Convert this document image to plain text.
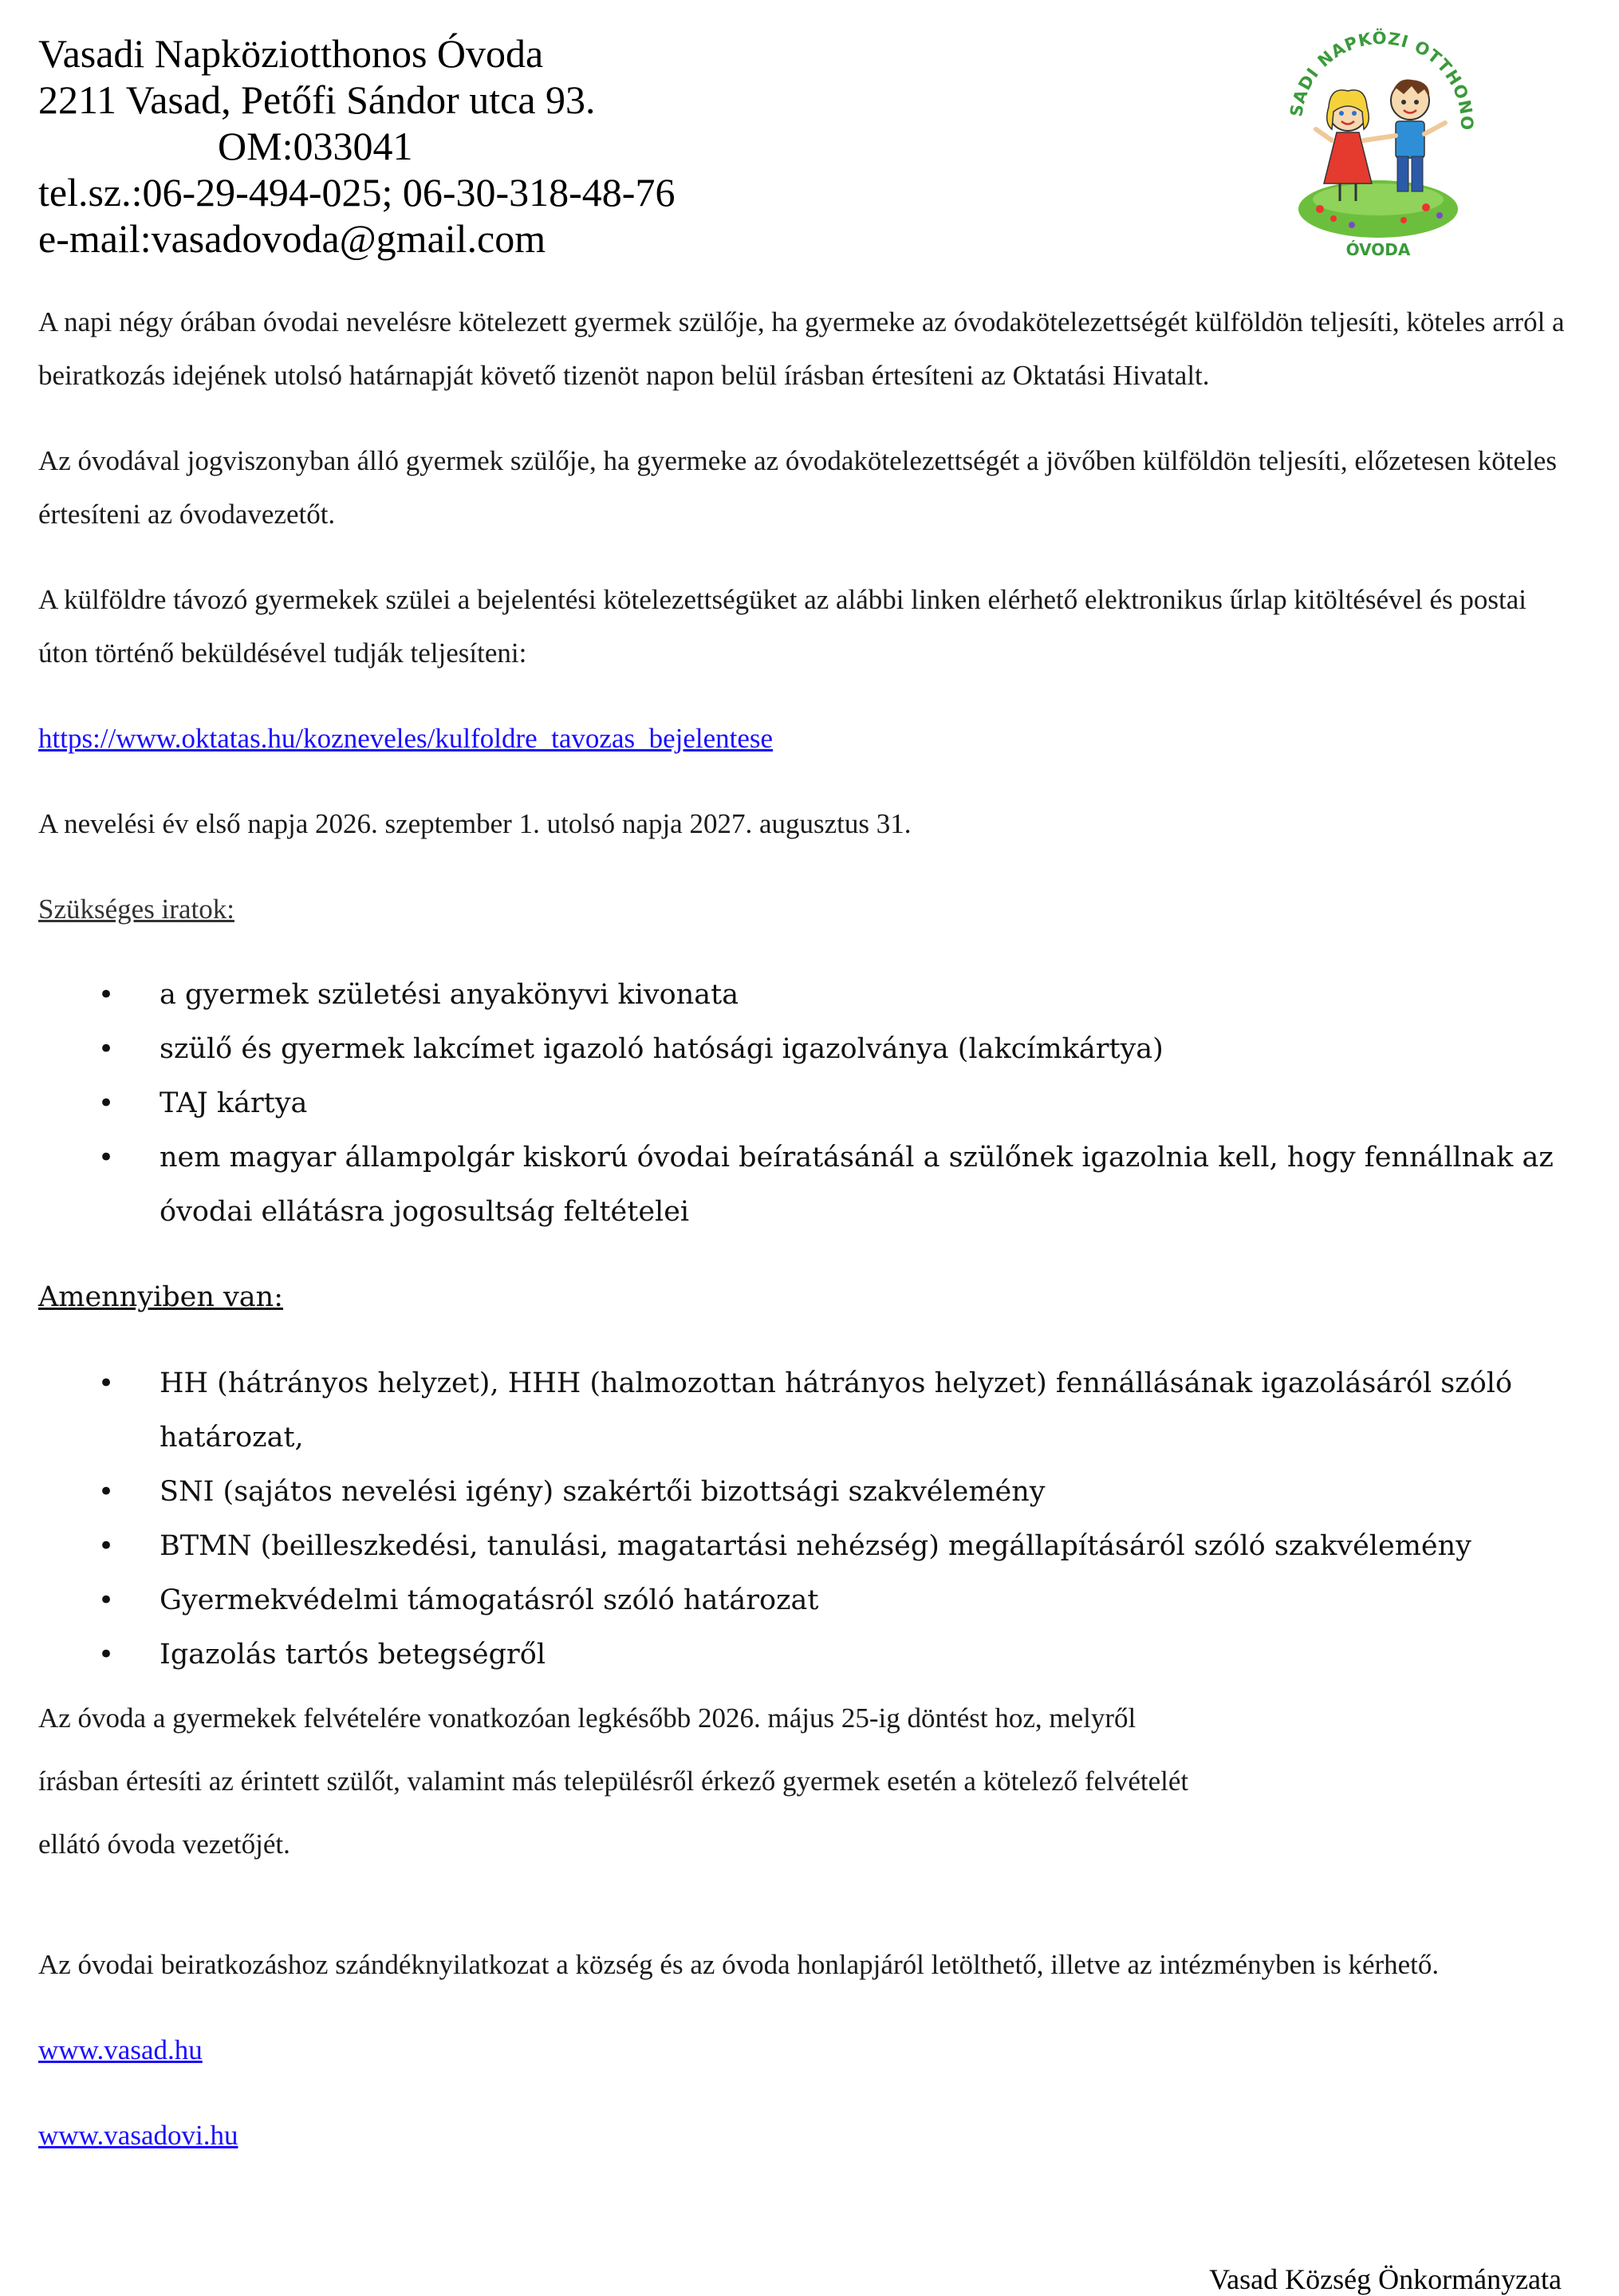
Vasadi Napköziotthonos Óvoda
2211 Vasad, Petőfi Sándor utca 93.
OM:033041
tel.sz.:06-29-494-025; 06-30-318-48-76
e-mail:vasadovoda@gmail.com
SADI NAPKÖZI OTTHONO
ÓVODA

A napi négy órában óvodai nevelésre kötelezett gyermek szülője, ha gyermeke az óvodakötelezettségét külföldön teljesíti, köteles arról a beiratkozás idejének utolsó határnapját követő tizenöt napon belül írásban értesíteni az Oktatási Hivatalt.

Az óvodával jogviszonyban álló gyermek szülője, ha gyermeke az óvodakötelezettségét a jövőben külföldön teljesíti, előzetesen köteles értesíteni az óvodavezetőt.

A külföldre távozó gyermekek szülei a bejelentési kötelezettségüket az alábbi linken elérhető elektronikus űrlap kitöltésével és postai úton történő beküldésével tudják teljesíteni:

https://www.oktatas.hu/kozneveles/kulfoldre_tavozas_bejelentese

A nevelési év első napja 2026. szeptember 1. utolsó napja 2027. augusztus 31.

Szükséges iratok:

• a gyermek születési anyakönyvi kivonata
• szülő és gyermek lakcímet igazoló hatósági igazolványa (lakcímkártya)
• TAJ kártya
• nem magyar állampolgár kiskorú óvodai beíratásánál a szülőnek igazolnia kell, hogy fennállnak az óvodai ellátásra jogosultság feltételei

Amennyiben van:

• HH (hátrányos helyzet), HHH (halmozottan hátrányos helyzet) fennállásának igazolásáról szóló határozat,
• SNI (sajátos nevelési igény) szakértői bizottsági szakvélemény
• BTMN (beilleszkedési, tanulási, magatartási nehézség) megállapításáról szóló szakvélemény
• Gyermekvédelmi támogatásról szóló határozat
• Igazolás tartós betegségről

Az óvoda a gyermekek felvételére vonatkozóan legkésőbb 2026. május 25-ig döntést hoz, melyről

írásban értesíti az érintett szülőt, valamint más településről érkező gyermek esetén a kötelező felvételét

ellátó óvoda vezetőjét.

Az óvodai beiratkozáshoz szándéknyilatkozat a község és az óvoda honlapjáról letölthető, illetve az intézményben is kérhető.

www.vasad.hu

www.vasadovi.hu

Vasad Község Önkormányzata
